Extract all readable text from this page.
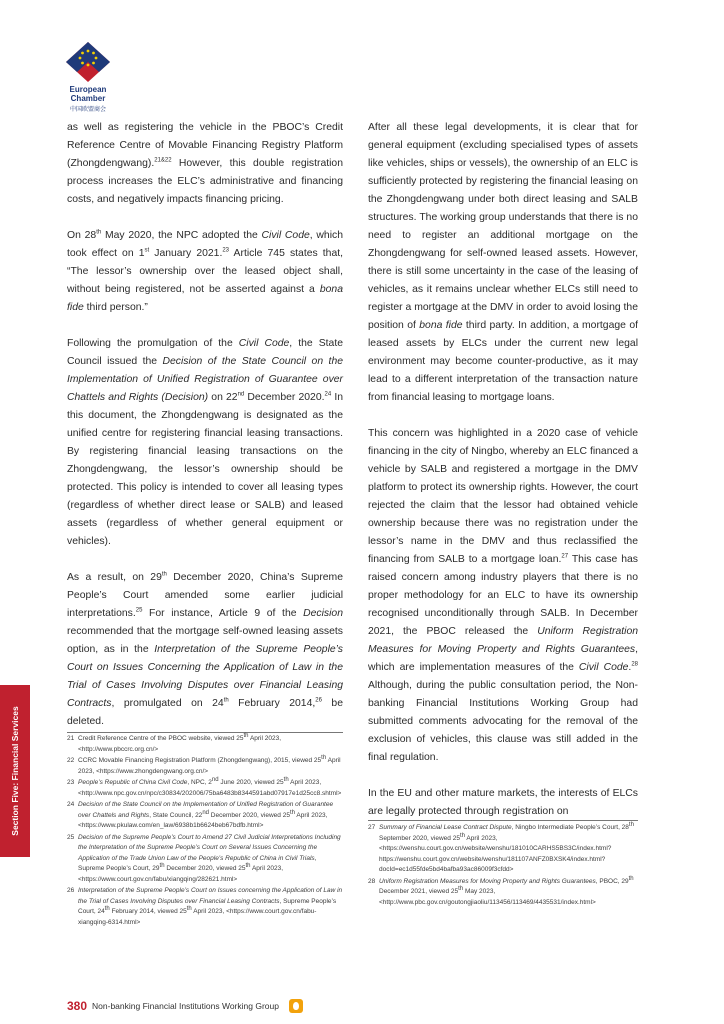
European Chamber
中国欧盟商会

as well as registering the vehicle in the PBOC’s Credit Reference Centre of Movable Financing Registry Platform (Zhongdengwang).$^{21\&22}$ However, this double registration process increases the ELC’s administrative and financing costs, and negatively impacts financing pricing.

On 28th May 2020, the NPC adopted the Civil Code, which took effect on 1st January 2021.23 Article 745 states that, “The lessor’s ownership over the leased object shall, without being registered, not be asserted against a bona fide third person.”

Following the promulgation of the Civil Code, the State Council issued the Decision of the State Council on the Implementation of Unified Registration of Guarantee over Chattels and Rights (Decision) on 22nd December 2020.24 In this document, the Zhongdengwang is designated as the unified centre for registering financial leasing transactions. By registering financial leasing transactions on the Zhongdengwang, the lessor’s ownership should be protected. This policy is intended to cover all leasing types (regardless of whether direct lease or SALB) and leased assets (regardless of whether general equipment or vehicles).

As a result, on 29th December 2020, China’s Supreme People’s Court amended some earlier judicial interpretations.$^{25}$ For instance, Article 9 of the Decision recommended that the mortgage self-owned leasing assets option, as in the Interpretation of the Supreme People’s Court on Issues Concerning the Application of Law in the Trial of Cases Involving Disputes over Financial Leasing Contracts, promulgated on 24th February 2014,26 be deleted.

After all these legal developments, it is clear that for general equipment (excluding specialised types of assets like vehicles, ships or vessels), the ownership of an ELC is sufficiently protected by registering the financial leasing on the Zhongdengwang under both direct leasing and SALB structures. The working group understands that there is no need to register an additional mortgage on the Zhongdengwang for self-owned leased assets. However, there is still some uncertainty in the case of the leasing of vehicles, as it remains unclear whether ELCs still need to register a mortgage at the DMV in order to avoid losing the position of bona fide third party. In addition, a mortgage of leased assets by ELCs under the current new legal environment may become counter-productive, as it may lead to a different interpretation of the transaction nature from financial leasing to mortgage loans.

This concern was highlighted in a 2020 case of vehicle financing in the city of Ningbo, whereby an ELC financed a vehicle by SALB and registered a mortgage in the DMV platform to protect its ownership rights. However, the court rejected the claim that the lessor had obtained vehicle ownership because there was no registration under the lessor’s name in the DMV and thus reclassified the financing from SALB to a mortgage loan.$^{27}$ This case has raised concern among industry players that there is no proper methodology for an ELC to have its ownership recognised unconditionally through SALB. In December 2021, the PBOC released the Uniform Registration Measures for Moving Property and Rights Guarantees, which are implementation measures of the Civil Code.$^{28}$ Although, during the public consultation period, the Non-banking Financial Institutions Working Group had submitted comments advocating for the removal of the exclusion of vehicles, this clause was still added in the final regulation.

In the EU and other mature markets, the interests of ELCs are legally protected through registration on

21 Credit Reference Centre of the PBOC website, viewed 25th April 2023, <http://www.pbccrc.org.cn/>
22 CCRC Movable Financing Registration Platform (Zhongdengwang), 2015, viewed 25th April 2023, <https://www.zhongdengwang.org.cn/>
23 People’s Republic of China Civil Code, NPC, 2nd June 2020, viewed 25th April 2023, <http://www.npc.gov.cn/npc/c30834/202006/75ba6483b8344591abd07917e1d25cc8.shtml>
24 Decision of the State Council on the Implementation of Unified Registration of Guarantee over Chattels and Rights, State Council, 22nd December 2020, viewed 25th April 2023, <https://www.pkulaw.com/en_law/6938b1b6624beb67bdfb.html>
25 Decision of the Supreme People’s Court to Amend 27 Civil Judicial Interpretations Including the Interpretation of the Supreme People’s Court on Several Issues Concerning the Application of the Trade Union Law of the People’s Republic of China in Civil Trials, Supreme People’s Court, 29th December 2020, viewed 25th April 2023, <https://www.court.gov.cn/fabu/xiangqing/282621.html>
26 Interpretation of the Supreme People’s Court on Issues concerning the Application of Law in the Trial of Cases Involving Disputes over Financial Leasing Contracts, Supreme People’s Court, 24th February 2014, viewed 25th April 2023, <https://www.court.gov.cn/fabu-xiangqing-6314.html>
27 Summary of Financial Lease Contract Dispute, Ningbo Intermediate People’s Court, 28th September 2020, viewed 25th April 2023,<https://wenshu.court.gov.cn/website/wenshu/181010CARHS5BS3C/index.html?https://wenshu.court.gov.cn/website/wenshu/181107ANFZ0BXSK4/index.html?docId=ec1d55fde5bd4bafba93ac86009f3cfdd>
28 Uniform Registration Measures for Moving Property and Rights Guarantees, PBOC, 29th December 2021, viewed 25th May 2023, <http://www.pbc.gov.cn/goutongjiaoliu/113456/113469/4435531/index.html>
Section Five: Financial Services
380 Non-banking Financial Institutions Working Group
